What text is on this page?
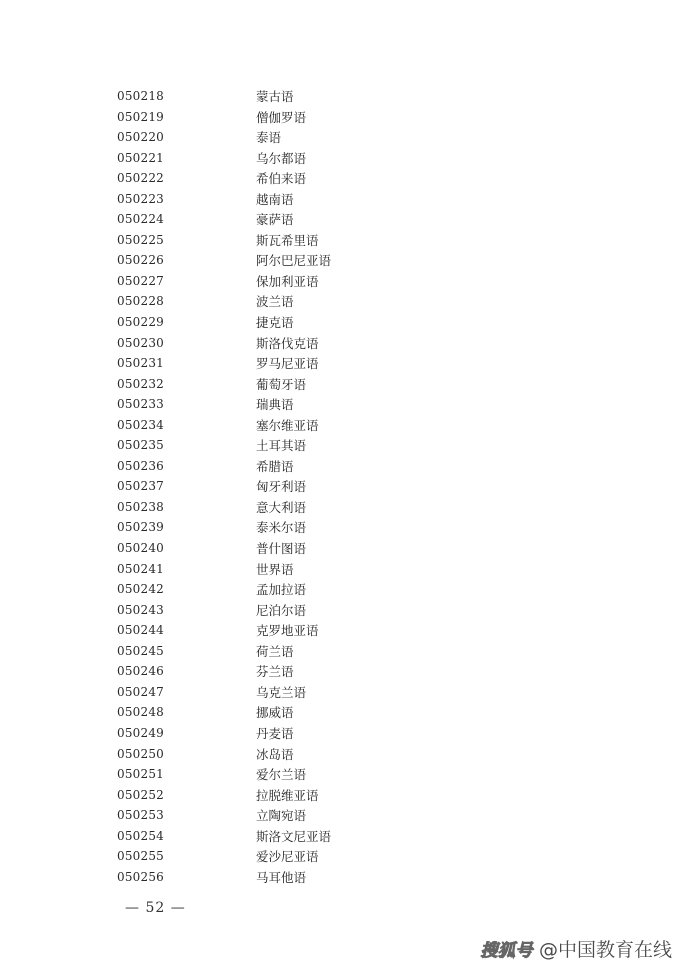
050218	蒙古语
050219	僧伽罗语
050220	泰语
050221	乌尔都语
050222	希伯来语
050223	越南语
050224	豪萨语
050225	斯瓦希里语
050226	阿尔巴尼亚语
050227	保加利亚语
050228	波兰语
050229	捷克语
050230	斯洛伐克语
050231	罗马尼亚语
050232	葡萄牙语
050233	瑞典语
050234	塞尔维亚语
050235	土耳其语
050236	希腊语
050237	匈牙利语
050238	意大利语
050239	泰米尔语
050240	普什图语
050241	世界语
050242	孟加拉语
050243	尼泊尔语
050244	克罗地亚语
050245	荷兰语
050246	芬兰语
050247	乌克兰语
050248	挪威语
050249	丹麦语
050250	冰岛语
050251	爱尔兰语
050252	拉脱维亚语
050253	立陶宛语
050254	斯洛文尼亚语
050255	爱沙尼亚语
050256	马耳他语
— 52 —
搜狐号 @中国教育在线
